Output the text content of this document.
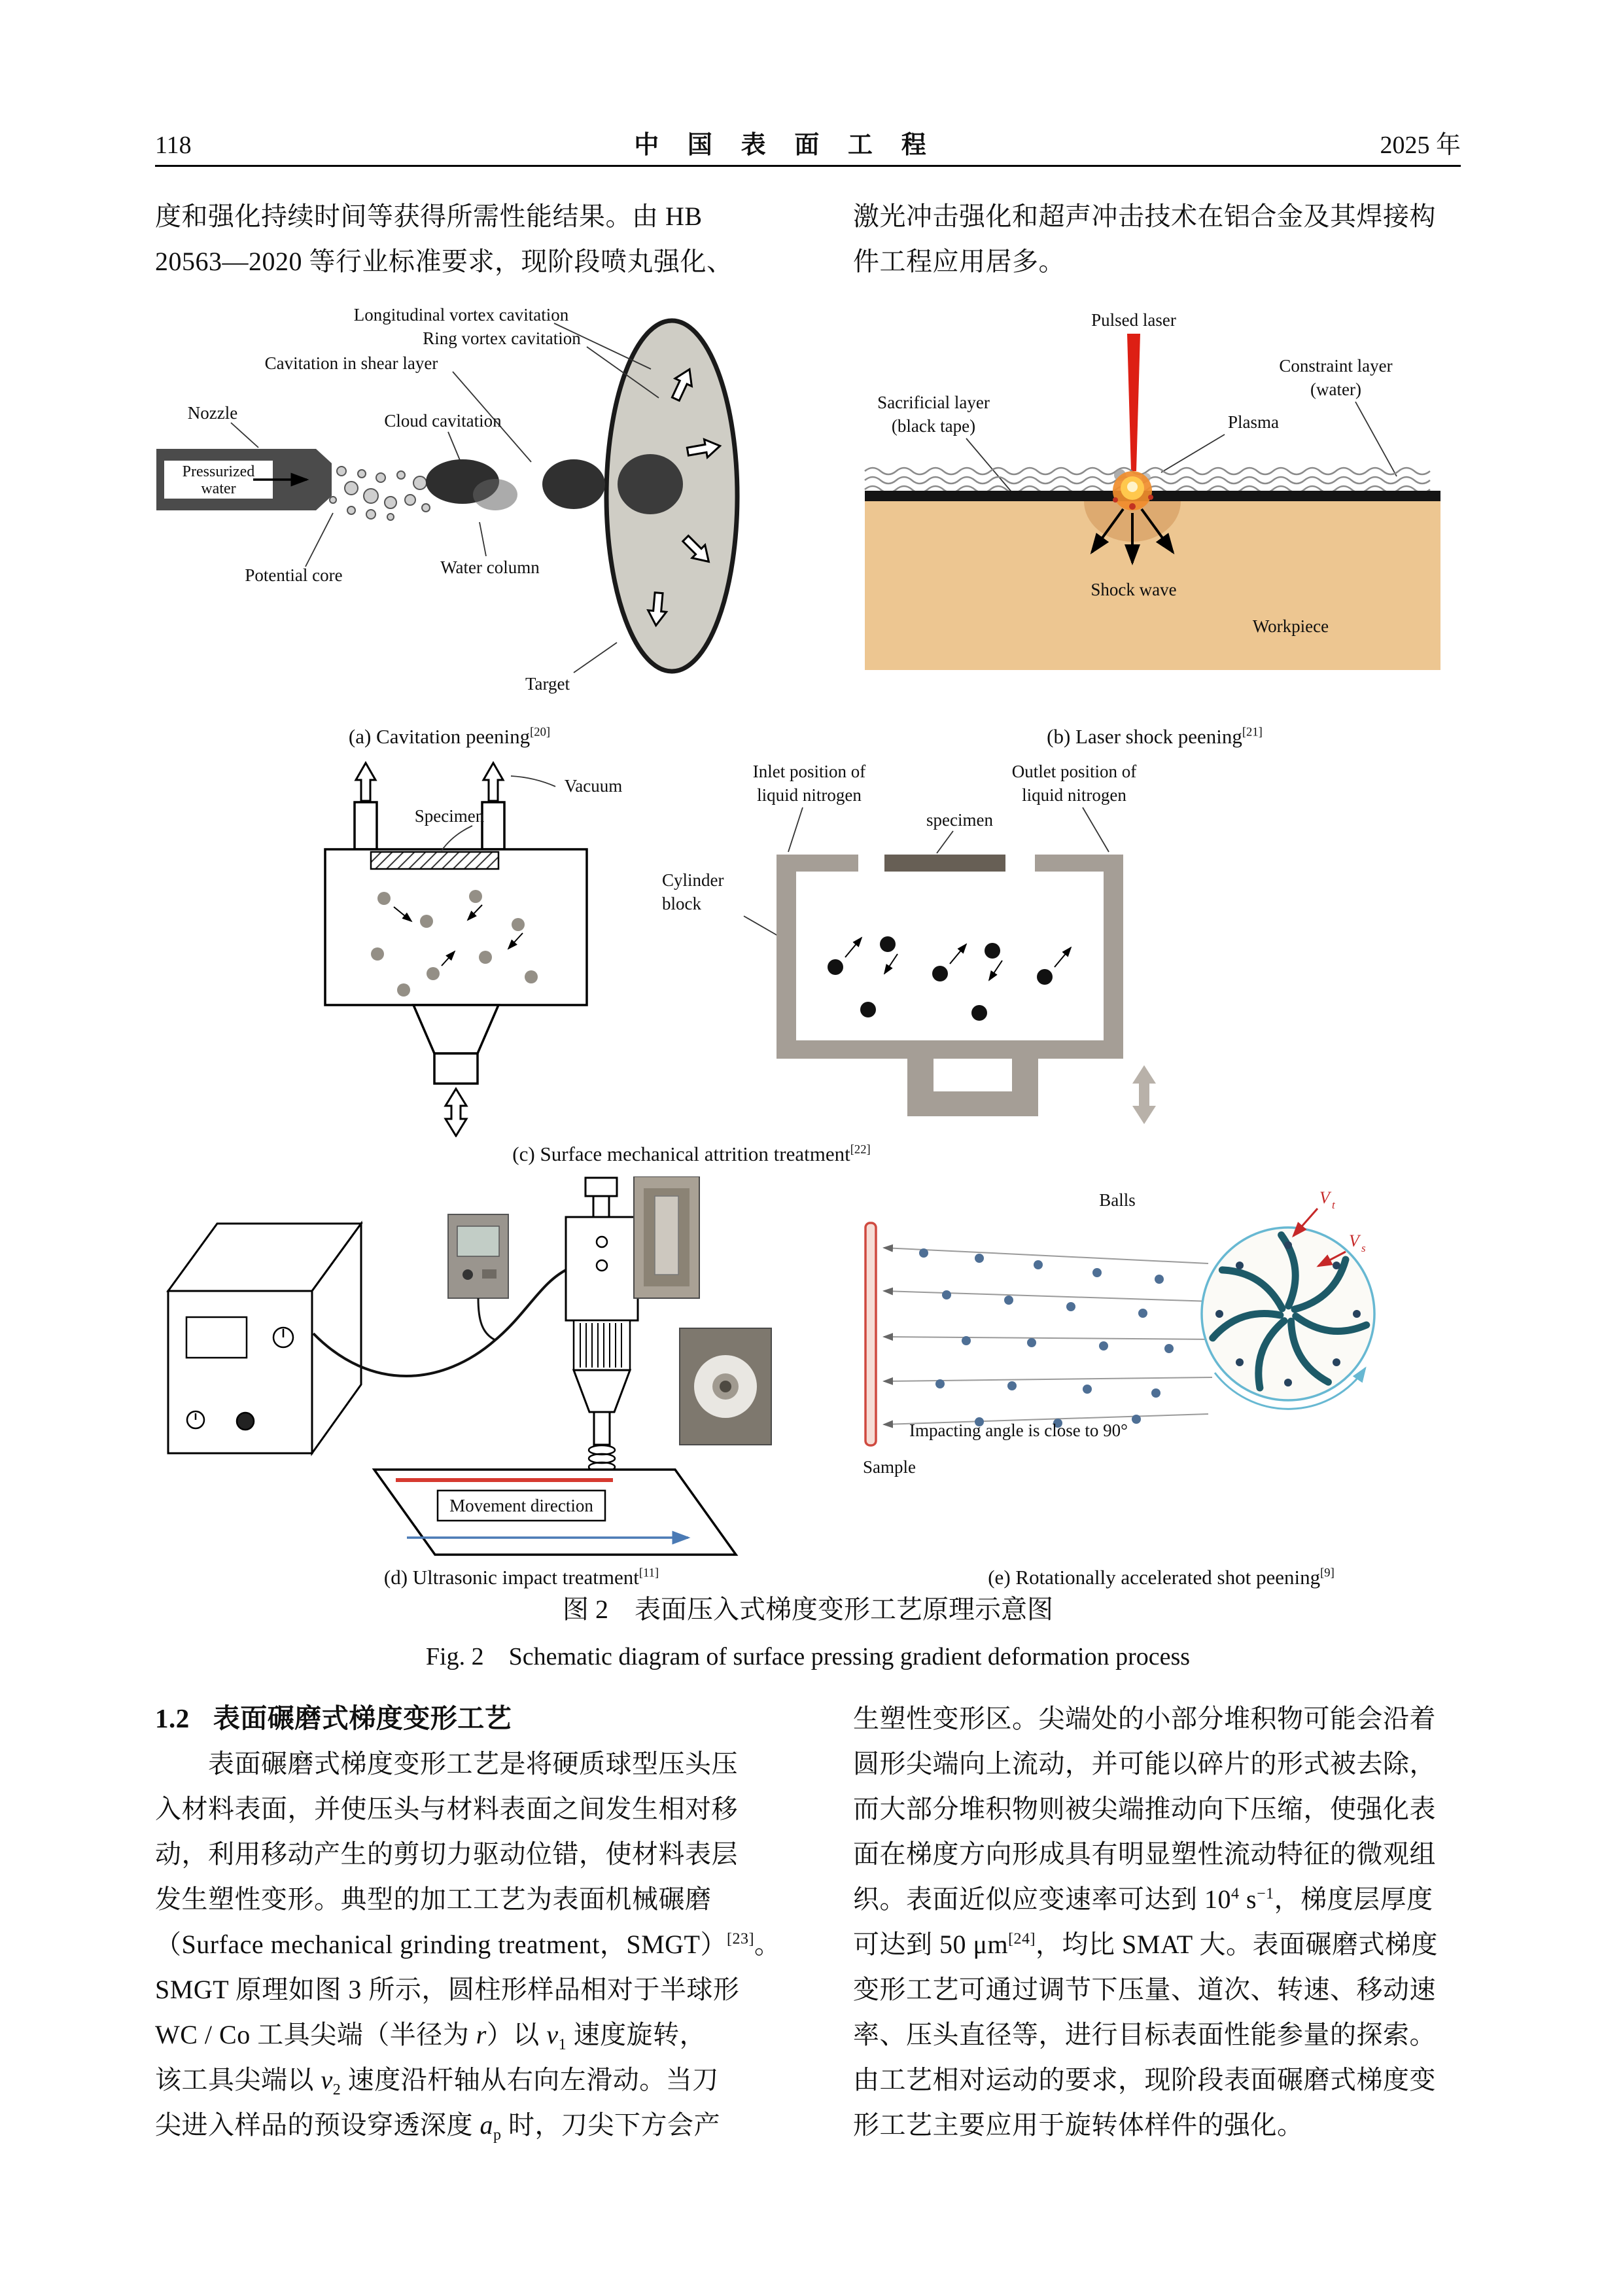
118	中 国 表 面 工 程	2025 年
度和强化持续时间等获得所需性能结果。由 HB
20563—2020 等行业标准要求，现阶段喷丸强化、
激光冲击强化和超声冲击技术在铝合金及其焊接构
件工程应用居多。
Longitudinal vortex cavitation
Ring vortex cavitation
Cavitation in shear layer
Nozzle	Cloud cavitation
Pressurized
water
Potential core	Water column
Target
(a) Cavitation peening[20]
Pulsed laser
Constraint layer
(water)
Sacrificial layer
(black tape)	Plasma
Shock wave
Workpiece
(b) Laser shock peening[21]
Vacuum
Specimen
Inlet position of
liquid nitrogen
Outlet position of
liquid nitrogen
specimen
Cylinder
block
(c) Surface mechanical attrition treatment[22]
Movement direction
(d) Ultrasonic impact treatment[11]
Balls
Sample
V t
V s
Impacting angle is close to 90°
(e) Rotationally accelerated shot peening[9]
图 2　表面压入式梯度变形工艺原理示意图
Fig. 2　Schematic diagram of surface pressing gradient deformation process
1.2 表面碾磨式梯度变形工艺
　　表面碾磨式梯度变形工艺是将硬质球型压头压
入材料表面，并使压头与材料表面之间发生相对移
动，利用移动产生的剪切力驱动位错，使材料表层
发生塑性变形。典型的加工工艺为表面机械碾磨
（Surface mechanical grinding treatment，SMGT）[23]。
SMGT 原理如图 3 所示，圆柱形样品相对于半球形
WC / Co 工具尖端（半径为 r）以 $v_1$ 速度旋转，
该工具尖端以 $v_2$ 速度沿杆轴从右向左滑动。当刀
尖进入样品的预设穿透深度 $a_p$ 时，刀尖下方会产
生塑性变形区。尖端处的小部分堆积物可能会沿着
圆形尖端向上流动，并可能以碎片的形式被去除，
而大部分堆积物则被尖端推动向下压缩，使强化表
面在梯度方向形成具有明显塑性流动特征的微观组
织。表面近似应变速率可达到 $10^4$ $s^{-1}$，梯度层厚度
可达到 50 μm[24]，均比 SMAT 大。表面碾磨式梯度
变形工艺可通过调节下压量、道次、转速、移动速
率、压头直径等，进行目标表面性能参量的探索。
由工艺相对运动的要求，现阶段表面碾磨式梯度变
形工艺主要应用于旋转体样件的强化。
